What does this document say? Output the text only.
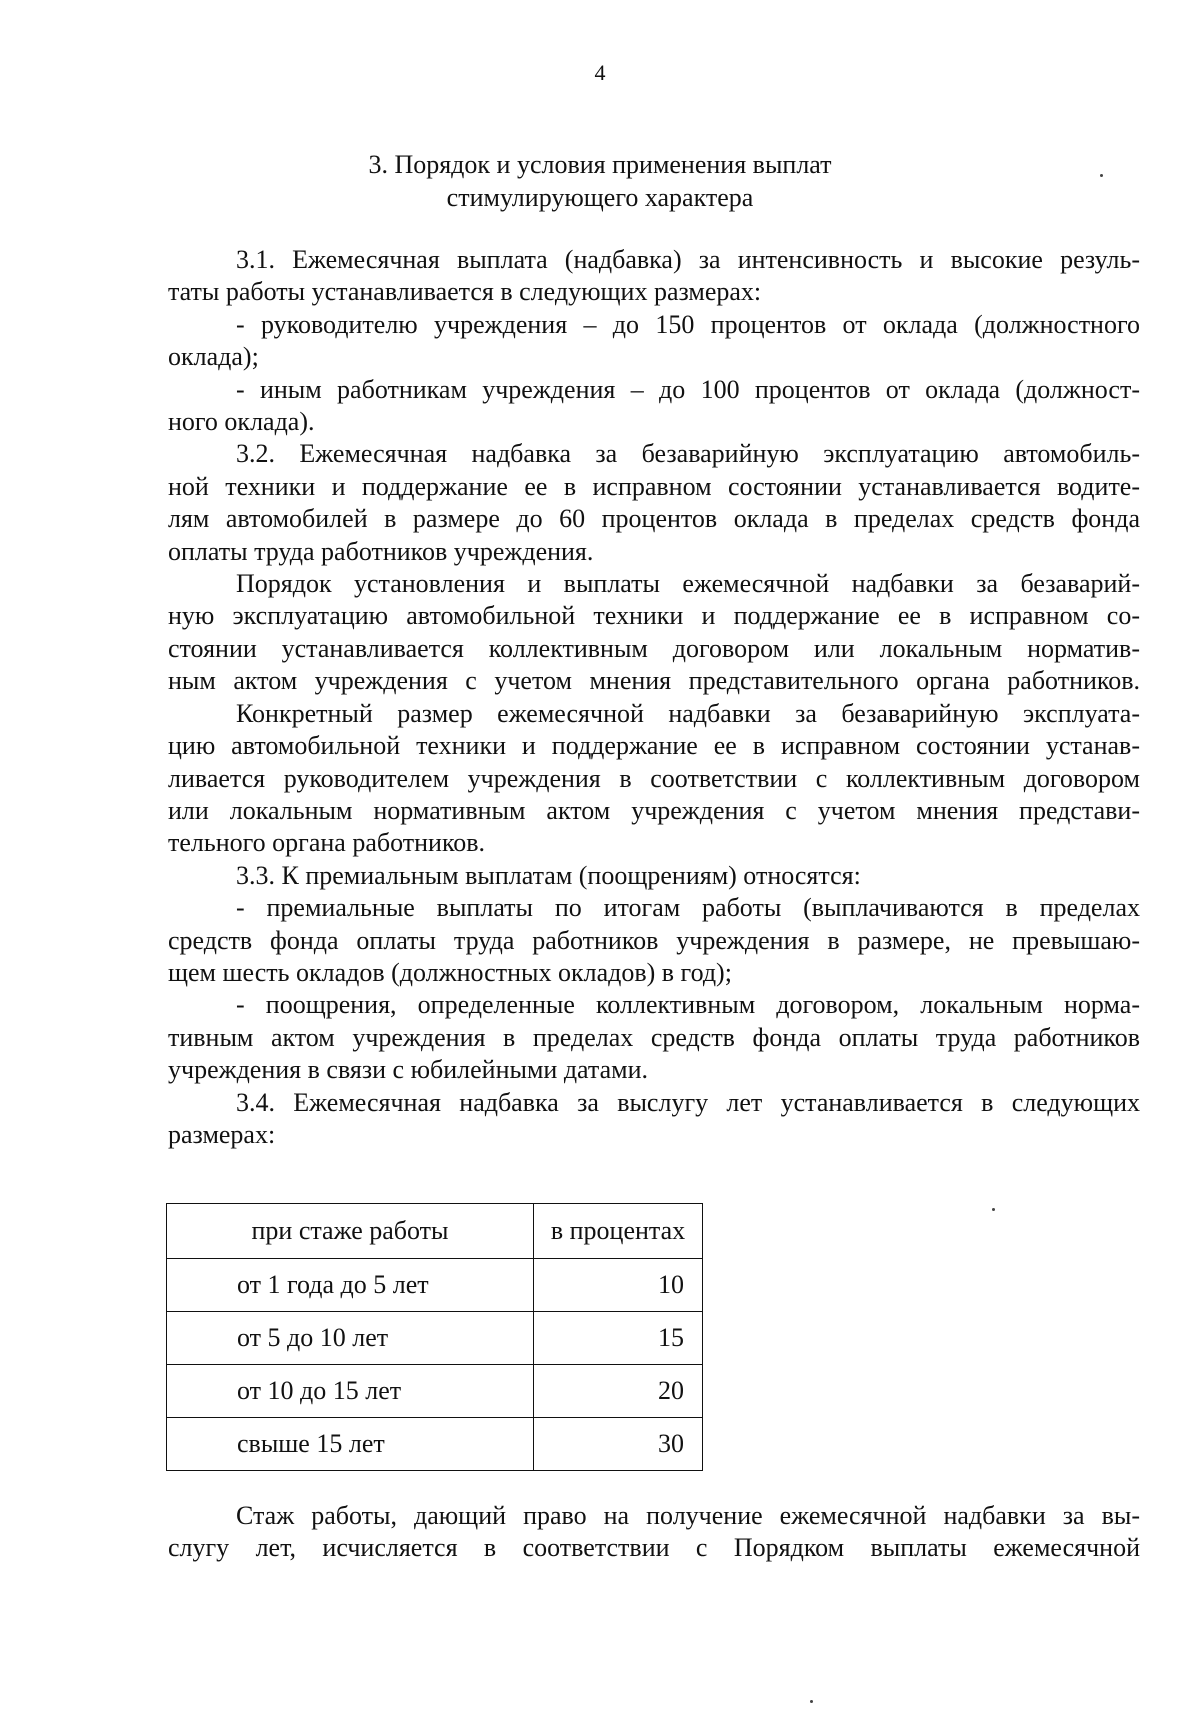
4
3. Порядок и условия применения выплат
стимулирующего характера
3.1. Ежемесячная выплата (надбавка) за интенсивность и высокие резуль-
таты работы устанавливается в следующих размерах:
- руководителю учреждения – до 150 процентов от оклада (должностного
оклада);
- иным работникам учреждения – до 100 процентов от оклада (должност-
ного оклада).
3.2. Ежемесячная надбавка за безаварийную эксплуатацию автомобиль-
ной техники и поддержание ее в исправном состоянии устанавливается водите-
лям автомобилей в размере до 60 процентов оклада в пределах средств фонда
оплаты труда работников учреждения.
Порядок установления и выплаты ежемесячной надбавки за безаварий-
ную эксплуатацию автомобильной техники и поддержание ее в исправном со-
стоянии устанавливается коллективным договором или локальным норматив-
ным актом учреждения с учетом мнения представительного органа работников.
Конкретный размер ежемесячной надбавки за безаварийную эксплуата-
цию автомобильной техники и поддержание ее в исправном состоянии устанав-
ливается руководителем учреждения в соответствии с коллективным договором
или локальным нормативным актом учреждения с учетом мнения представи-
тельного органа работников.
3.3. К премиальным выплатам (поощрениям) относятся:
- премиальные выплаты по итогам работы (выплачиваются в пределах
средств фонда оплаты труда работников учреждения в размере, не превышаю-
щем шесть окладов (должностных окладов) в год);
- поощрения, определенные коллективным договором, локальным норма-
тивным актом учреждения в пределах средств фонда оплаты труда работников
учреждения в связи с юбилейными датами.
3.4. Ежемесячная надбавка за выслугу лет устанавливается в следующих
размерах:
при стаже работы	в процентах
от 1 года до 5 лет	10
от 5 до 10 лет	15
от 10 до 15 лет	20
свыше 15 лет	30
Стаж работы, дающий право на получение ежемесячной надбавки за вы-
слугу лет, исчисляется в соответствии с Порядком выплаты ежемесячной
